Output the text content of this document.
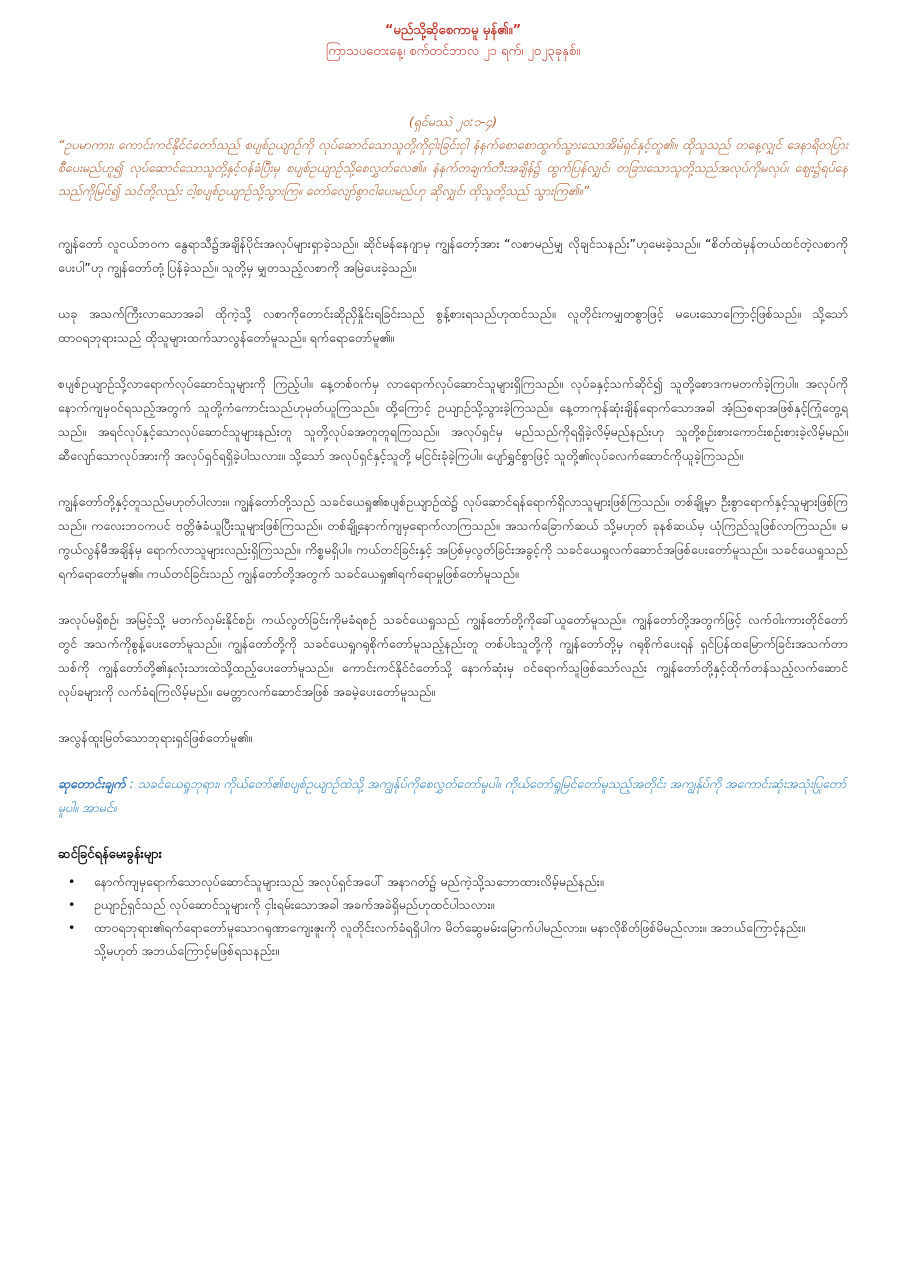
“မည်သို့ဆိုစေကာမူ မှန်၏။”

ကြာသပတေးနေ့၊ စက်တင်ဘာလ ၂၁ ရက်၊ ၂၀၂၃ခုနှစ်။

(ရှင်မဿဲ ၂၀:၁-၄)

“ဥပမာကား၊ ကောင်းကင်နိုင်ငံတော်သည် စပျစ်ဥယျာဉ်ကို လုပ်ဆောင်သောသူတို့ကိုငှါးခြင်းငှါ နံနက်စောစောထွက်သွားသောအိမ်ရှင်နှင့်တူ၏။ ထိုသူသည် တနေ့လျှင် ဒေနာရိတပြားစီပေးမည်ဟူ၍ လုပ်ဆောင်သောသူတို့နှင့်ဝန်ခံပြီးမှ စပျစ်ဥယျာဉ်သို့စေလွှတ်လေ၏။ နံနက်တချက်တီးအချိန်၌ ထွက်ပြန်လျှင်၊ တခြားသောသူတို့သည်အလုပ်ကိုမလုပ်၊ ဈေး၌ရပ်နေသည်ကိုမြင်၍ သင်တို့လည်း ငါ့စပျစ်ဥယျာဉ်သို့သွားကြ။ တော်လျော်စွာငါပေးမည်ဟု ဆိုလျှင်၊ ထိုသူတို့သည် သွားကြ၏။”

ကျွန်တော် လူငယ်ဘဝက နွေရာသီ၌အချိန်ပိုင်းအလုပ်များရှာခဲ့သည်။ ဆိုင်မန်နေဂျာမှ ကျွန်တော့်အား “လစာမည်မျှ လိုချင်သနည်း”ဟုမေးခဲ့သည်။ “စိတ်ထဲမှန်တယ်ထင်တဲ့လစာကိုပေးပါ”ဟု ကျွန်တော်တုံ့ပြန်ခဲ့သည်။ သူတို့မှ မျှတသည့်လစာကို အမြဲပေးခဲ့သည်။

ယခု အသက်ကြီးလာသောအခါ ထိုကဲ့သို့ လစာကိုတောင်းဆိုညှိနှိုင်းရခြင်းသည် စွန့်စားရသည်ဟုထင်သည်။ လူတိုင်းကမျှတစွာဖြင့် မပေးသောကြောင့်ဖြစ်သည်။ သို့သော် ထာဝရဘုရားသည် ထိုသူများထက်သာလွန်တော်မူသည်။ ရက်ရောတော်မူ၏။

စပျစ်ဥယျာဉ်သို့လာရောက်လုပ်ဆောင်သူများကို ကြည့်ပါ။ နေ့တစ်ဝက်မှ လာရောက်လုပ်ဆောင်သူများရှိကြသည်။ လုပ်ခနှင့်သက်ဆိုင်၍ သူတို့စောဒကမတက်ခဲ့ကြပါ။ အလုပ်ကိုနောက်ကျမှဝင်ရသည့်အတွက် သူတို့ကံကောင်းသည်ဟုမှတ်ယူကြသည်။ ထို့ကြောင့် ဥယျာဉ်သို့သွားခဲ့ကြသည်။ နေ့တာကုန်ဆုံးချိန်ရောက်သောအခါ အံ့ဩစရာအဖြစ်နှင့်ကြုံတွေ့ရသည်။ အရင်လုပ်နှင့်သောလုပ်ဆောင်သူများနည်းတူ သူတို့လုပ်ခအတူတူရကြသည်။ အလုပ်ရှင်မှ မည်သည်ကိုရရှိခဲ့လိမ့်မည်နည်းဟု သူတို့စဉ်းစားကောင်းစဉ်းစားခဲ့လိမ့်မည်။ ဆီလျော်သောလုပ်အားကို အလုပ်ရှင်ရရှိခဲ့ပါသလား။ သို့သော် အလုပ်ရှင်နှင့်သူတို့ မငြင်းခုံခဲ့ကြပါ။ ပျော်ရွှင်စွာဖြင့် သူတို့၏လုပ်ခလက်ဆောင်ကိုယူခဲ့ကြသည်။

ကျွန်တော်တို့နှင့်တူသည်မဟုတ်ပါလား။ ကျွန်တော်တို့သည် သခင်ယေရှု၏စပျစ်ဥယျာဉ်ထဲ၌ လုပ်ဆောင်ရန်ရောက်ရှိလာသူများဖြစ်ကြသည်။ တစ်ချို့မှာ ဦးစွာရောက်နှင့်သူများဖြစ်ကြသည်။ ကလေးဘဝကပင် ဗတ္တိဇံခံယူပြီးသူများဖြစ်ကြသည်။ တစ်ချို့နောက်ကျမှရောက်လာကြသည်။ အသက်ခြောက်ဆယ် သို့မဟုတ် ခုနစ်ဆယ်မှ ယုံကြည်သူဖြစ်လာကြသည်။ မကွယ်လွန်မီအချိန်မှ ရောက်လာသူများလည်းရှိကြသည်။ ကိစ္စမရှိပါ။ ကယ်တင်ခြင်းနှင့် အပြစ်မှလွတ်ခြင်းအခွင့်ကို သခင်ယေရှုလက်ဆောင်အဖြစ်ပေးတော်မူသည်။ သခင်ယေရှုသည် ရက်ရောတော်မူ၏။ ကယ်တင်ခြင်းသည် ကျွန်တော်တို့အတွက် သခင်ယေရှု၏ရက်ရောမှုဖြစ်တော်မူသည်။

အလုပ်မရှိစဉ်၊ အမြင့်သို့ မတက်လှမ်းနိုင်စဉ်၊ ကယ်လွတ်ခြင်းကိုမခံရစဉ် သခင်ယေရှုသည် ကျွန်တော်တို့ကိုခေါ်ယူတော်မူသည်။ ကျွန်တော်တို့အတွက်ဖြင့် လက်ဝါးကားတိုင်တော်တွင် အသက်ကိုစွန့်ပေးတော်မူသည်။ ကျွန်တော်တို့ကို သခင်ယေရှုဂရုစိုက်တော်မူသည့်နည်းတူ တစ်ပါးသူတို့ကို ကျွန်တော်တို့မှ ဂရုစိုက်ပေးရန် ရှင်ပြန်ထမြောက်ခြင်းအသက်တာသစ်ကို ကျွန်တော်တို့၏နှလုံးသားထဲသို့ထည့်ပေးတော်မူသည်။ ကောင်းကင်နိုင်ငံတော်သို့ နောက်ဆုံးမှ ဝင်ရောက်သူဖြစ်သော်လည်း ကျွန်တော်တို့နှင့်ထိုက်တန်သည့်လက်ဆောင်လုပ်ခများကို လက်ခံရကြလိမ့်မည်။ မေတ္တာလက်ဆောင်အဖြစ် အခမဲ့ပေးတော်မူသည်။

အလွန်ထူးမြတ်သောဘုရားရှင်ဖြစ်တော်မူ၏။

ဆုတောင်းချက် : သခင်ယေရှုဘုရား၊ ကိုယ်တော်၏စပျစ်ဥယျာဉ်ထဲသို့ အကျွန်ုပ်ကိုစေလွှတ်တော်မူပါ။ ကိုယ်တော်ရှုမြင်တော်မူသည့်အတိုင်း အကျွန်ုပ်ကို အကောင်းဆုံးအသုံးပြုတော်မူပါ။ အာမင်။

ဆင်ခြင်ရန်မေးခွန်းများ

• နောက်ကျမှရောက်သောလုပ်ဆောင်သူများသည် အလုပ်ရှင်အပေါ် အနာဂတ်၌ မည်ကဲ့သို့သဘောထားလိမ့်မည်နည်း။
• ဥယျာဉ်ရှင်သည် လုပ်ဆောင်သူများကို ငှါးရမ်းသောအခါ အခက်အခဲရှိမည်ဟုထင်ပါသလား။
• ထာဝရဘုရား၏ရက်ရောတော်မူသောဂရုဏာကျေးဇူးကို လူတိုင်းလက်ခံရရှိပါက မိတ်ဆွေမမ်းမြောက်ပါမည်လား။ မနာလိုစိတ်ဖြစ်မိမည်လား။ အဘယ်ကြောင့်နည်း။ သို့မဟုတ် အဘယ်ကြောင့်မဖြစ်ရသနည်း။
